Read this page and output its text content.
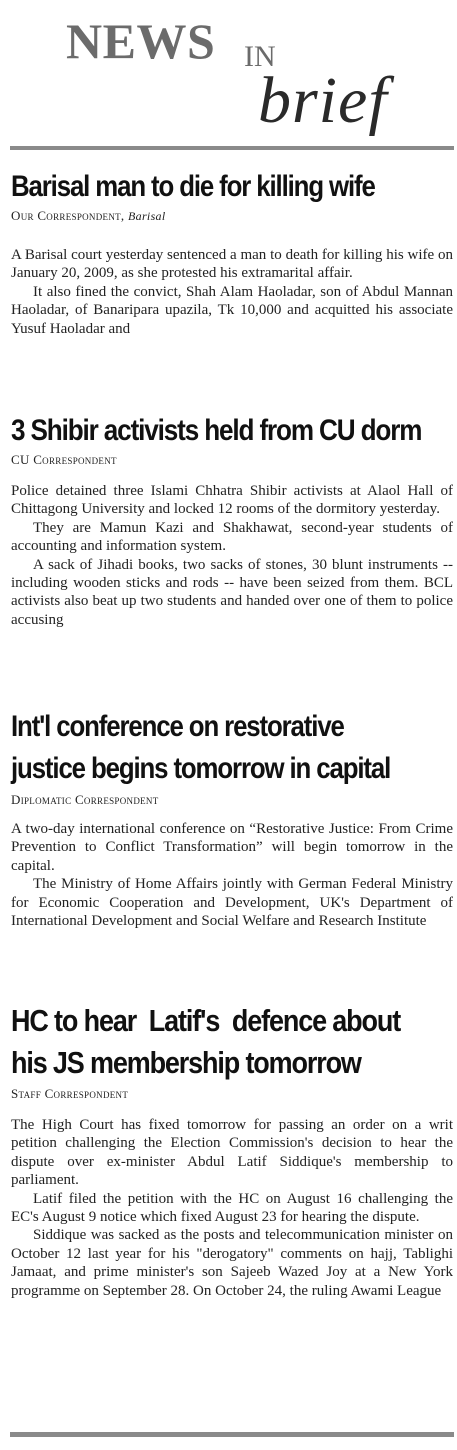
NEWS IN
brief
Barisal man to die for killing wife
Our Correspondent, Barisal

A Barisal court yesterday sentenced a man to death for killing his wife on January 20, 2009, as she protested his extramarital affair.

It also fined the convict, Shah Alam Haoladar, son of Abdul Mannan Haoladar, of Banaripara upazila, Tk 10,000 and acquitted his associate Yusuf Haoladar and

3 Shibir activists held from CU dorm
CU Correspondent

Police detained three Islami Chhatra Shibir activists at Alaol Hall of Chittagong University and locked 12 rooms of the dormitory yesterday.

They are Mamun Kazi and Shakhawat, second-year students of accounting and information system.

A sack of Jihadi books, two sacks of stones, 30 blunt instruments -- including wooden sticks and rods -- have been seized from them. BCL activists also beat up two students and handed over one of them to police accusing

Int'l conference on restorative
justice begins tomorrow in capital
Diplomatic Correspondent

A two-day international conference on “Restorative Justice: From Crime Prevention to Conflict Transformation” will begin tomorrow in the capital.

The Ministry of Home Affairs jointly with German Federal Ministry for Economic Cooperation and Development, UK's Department of International Development and Social Welfare and Research Institute

HC to hear  Latif's  defence about
his JS membership tomorrow
Staff Correspondent

The High Court has fixed tomorrow for passing an order on a writ petition challenging the Election Commission's decision to hear the dispute over ex-minister Abdul Latif Siddique's membership to parliament.

Latif filed the petition with the HC on August 16 challenging the EC's August 9 notice which fixed August 23 for hearing the dispute.

Siddique was sacked as the posts and telecommunication minister on October 12 last year for his "derogatory" comments on hajj, Tablighi Jamaat, and prime minister's son Sajeeb Wazed Joy at a New York programme on September 28. On October 24, the ruling Awami League
